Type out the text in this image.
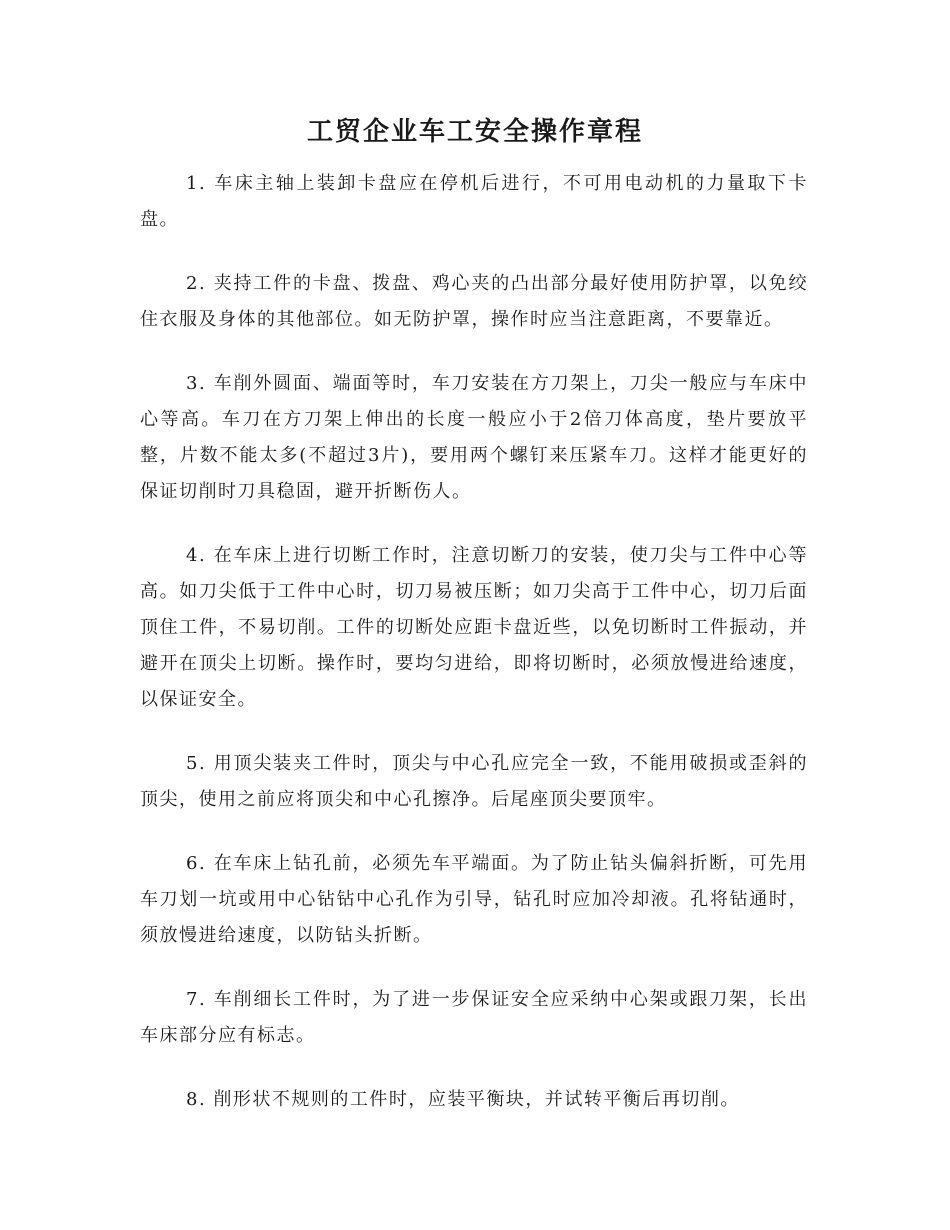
工贸企业车工安全操作章程

1. 车床主轴上装卸卡盘应在停机后进行，不可用电动机的力量取下卡盘。

2. 夹持工件的卡盘、拨盘、鸡心夹的凸出部分最好使用防护罩，以免绞住衣服及身体的其他部位。如无防护罩，操作时应当注意距离，不要靠近。

3. 车削外圆面、端面等时，车刀安装在方刀架上，刀尖一般应与车床中心等高。车刀在方刀架上伸出的长度一般应小于2倍刀体高度，垫片要放平整，片数不能太多(不超过3片)，要用两个螺钉来压紧车刀。这样才能更好的保证切削时刀具稳固，避开折断伤人。

4. 在车床上进行切断工作时，注意切断刀的安装，使刀尖与工件中心等高。如刀尖低于工件中心时，切刀易被压断；如刀尖高于工件中心，切刀后面顶住工件，不易切削。工件的切断处应距卡盘近些，以免切断时工件振动，并避开在顶尖上切断。操作时，要均匀进给，即将切断时，必须放慢进给速度，以保证安全。

5. 用顶尖装夹工件时，顶尖与中心孔应完全一致，不能用破损或歪斜的顶尖，使用之前应将顶尖和中心孔擦净。后尾座顶尖要顶牢。

6. 在车床上钻孔前，必须先车平端面。为了防止钻头偏斜折断，可先用车刀划一坑或用中心钻钻中心孔作为引导，钻孔时应加冷却液。孔将钻通时，须放慢进给速度，以防钻头折断。

7. 车削细长工件时，为了进一步保证安全应采纳中心架或跟刀架，长出车床部分应有标志。

8. 削形状不规则的工件时，应装平衡块，并试转平衡后再切削。
